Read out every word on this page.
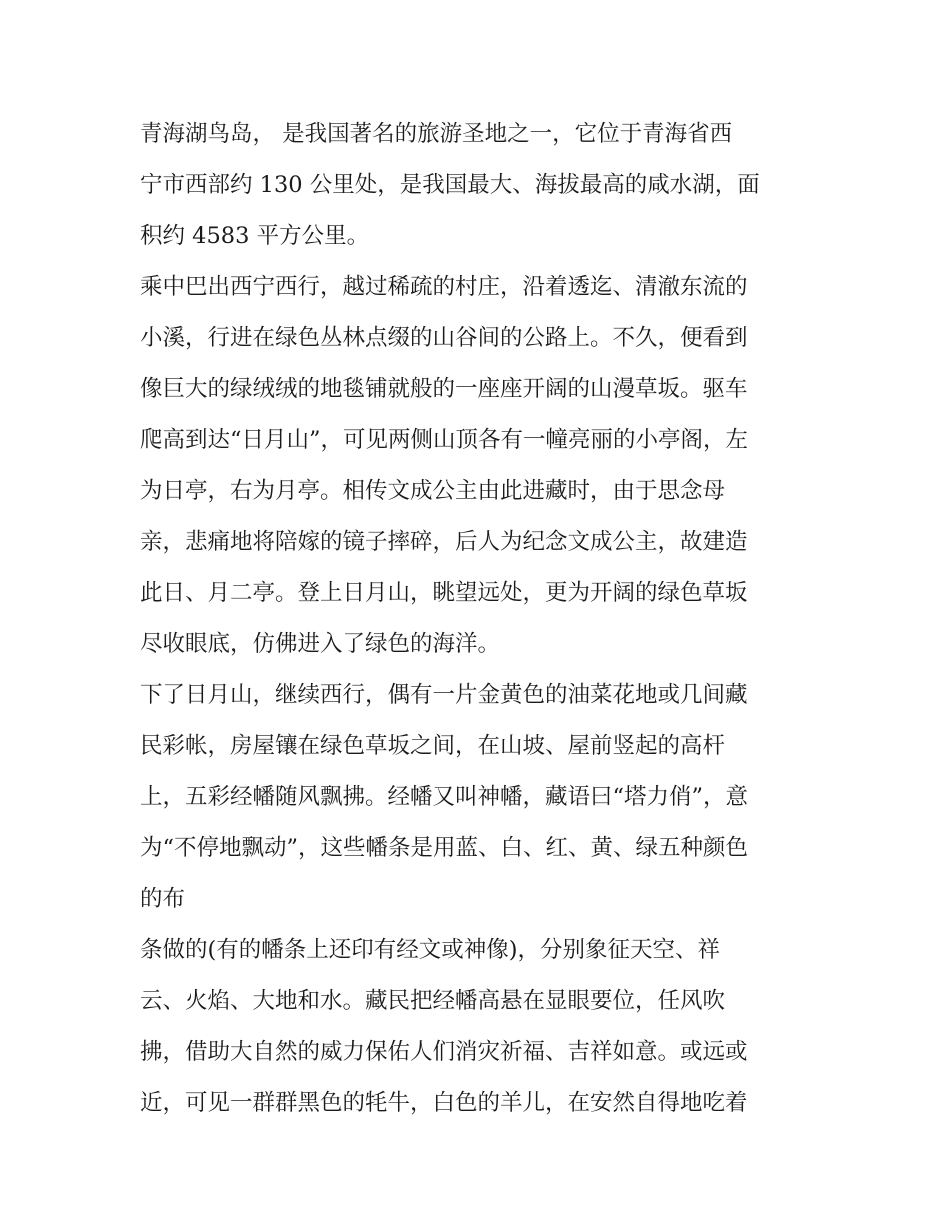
青海湖鸟岛， 是我国著名的旅游圣地之一，它位于青海省西
宁市西部约 130 公里处，是我国最大、海拔最高的咸水湖，面
积约 4583 平方公里。
乘中巴出西宁西行，越过稀疏的村庄，沿着透迄、清澈东流的
小溪，行进在绿色丛林点缀的山谷间的公路上。不久，便看到
像巨大的绿绒绒的地毯铺就般的一座座开阔的山漫草坂。驱车
爬高到达“日月山”，可见两侧山顶各有一幢亮丽的小亭阁，左
为日亭，右为月亭。相传文成公主由此进藏时，由于思念母
亲，悲痛地将陪嫁的镜子摔碎，后人为纪念文成公主，故建造
此日、月二亭。登上日月山，眺望远处，更为开阔的绿色草坂
尽收眼底，仿佛进入了绿色的海洋。
下了日月山，继续西行，偶有一片金黄色的油菜花地或几间藏
民彩帐，房屋镶在绿色草坂之间，在山坡、屋前竖起的高杆
上，五彩经幡随风飘拂。经幡又叫神幡，藏语曰“塔力俏”，意
为“不停地飘动”，这些幡条是用蓝、白、红、黄、绿五种颜色
的布
条做的(有的幡条上还印有经文或神像)，分别象征天空、祥
云、火焰、大地和水。藏民把经幡高悬在显眼要位，任风吹
拂，借助大自然的威力保佑人们消灾祈福、吉祥如意。或远或
近，可见一群群黑色的牦牛，白色的羊儿，在安然自得地吃着
